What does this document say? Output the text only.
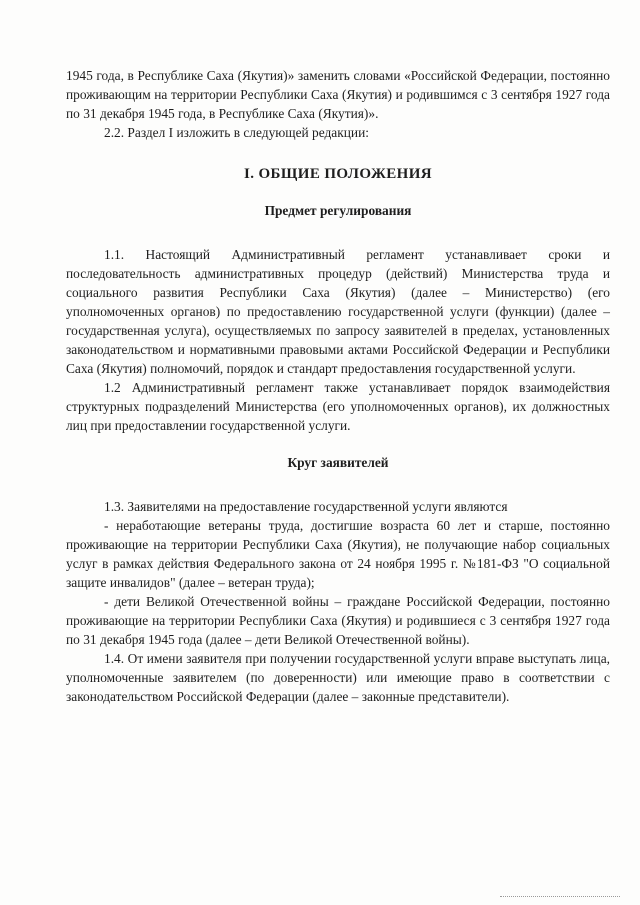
1945 года, в Республике Саха (Якутия)» заменить словами «Российской Федерации, постоянно проживающим на территории Республики Саха (Якутия) и родившимся с 3 сентября 1927 года по 31 декабря 1945 года, в Республике Саха (Якутия)».

2.2. Раздел I изложить в следующей редакции:

I. ОБЩИЕ ПОЛОЖЕНИЯ

Предмет регулирования

1.1. Настоящий Административный регламент устанавливает сроки и последовательность административных процедур (действий) Министерства труда и социального развития Республики Саха (Якутия) (далее – Министерство) (его уполномоченных органов) по предоставлению государственной услуги (функции) (далее – государственная услуга), осуществляемых по запросу заявителей в пределах, установленных законодательством и нормативными правовыми актами Российской Федерации и Республики Саха (Якутия) полномочий, порядок и стандарт предоставления государственной услуги.

1.2 Административный регламент также устанавливает порядок взаимодействия структурных подразделений Министерства (его уполномоченных органов), их должностных лиц при предоставлении государственной услуги.

Круг заявителей

1.3. Заявителями на предоставление государственной услуги являются

- неработающие ветераны труда, достигшие возраста 60 лет и старше, постоянно проживающие на территории Республики Саха (Якутия), не получающие набор социальных услуг в рамках действия Федерального закона от 24 ноября 1995 г. №181-ФЗ "О социальной защите инвалидов" (далее – ветеран труда);

- дети Великой Отечественной войны – граждане Российской Федерации, постоянно проживающие на территории Республики Саха (Якутия) и родившиеся с 3 сентября 1927 года по 31 декабря 1945 года (далее – дети Великой Отечественной войны).

1.4. От имени заявителя при получении государственной услуги вправе выступать лица, уполномоченные заявителем (по доверенности) или имеющие право в соответствии с законодательством Российской Федерации (далее – законные представители).
